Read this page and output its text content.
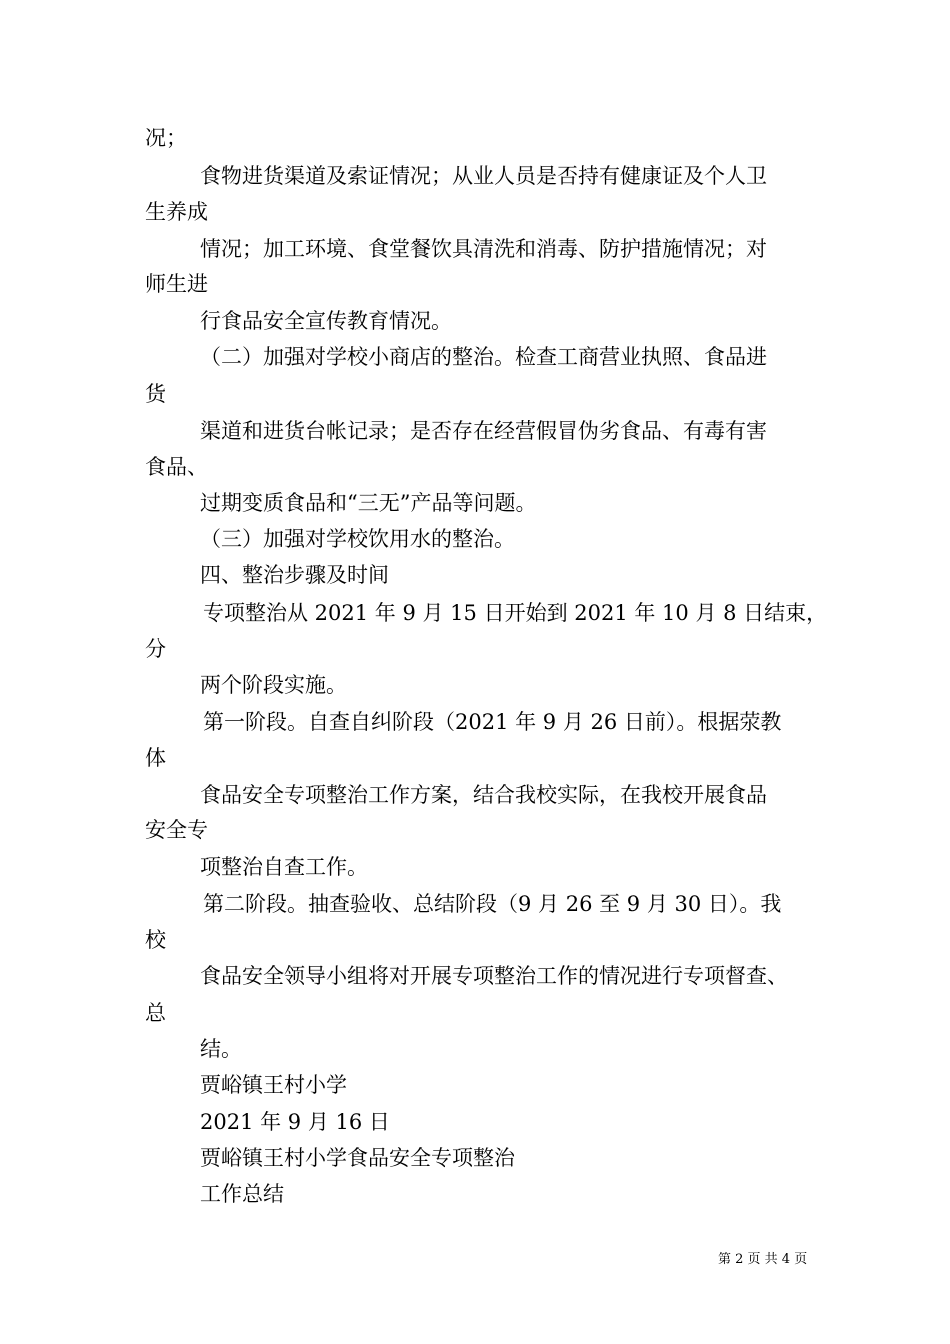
况；
食物进货渠道及索证情况；从业人员是否持有健康证及个人卫
生养成
情况；加工环境、食堂餐饮具清洗和消毒、防护措施情况；对
师生进
行食品安全宣传教育情况。
（二）加强对学校小商店的整治。检查工商营业执照、食品进
货
渠道和进货台帐记录；是否存在经营假冒伪劣食品、有毒有害
食品、
过期变质食品和“三无”产品等问题。
（三）加强对学校饮用水的整治。
四、整治步骤及时间
专项整治从 2021 年 9 月 15 日开始到 2021 年 10 月 8 日结束，
分
两个阶段实施。
第一阶段。自查自纠阶段（2021 年 9 月 26 日前）。根据荥教
体
食品安全专项整治工作方案，结合我校实际，在我校开展食品
安全专
项整治自查工作。
第二阶段。抽查验收、总结阶段（9 月 26 至 9 月 30 日）。我
校
食品安全领导小组将对开展专项整治工作的情况进行专项督查、
总
结。
贾峪镇王村小学
2021 年 9 月 16 日
贾峪镇王村小学食品安全专项整治
工作总结
第 2 页 共 4 页
